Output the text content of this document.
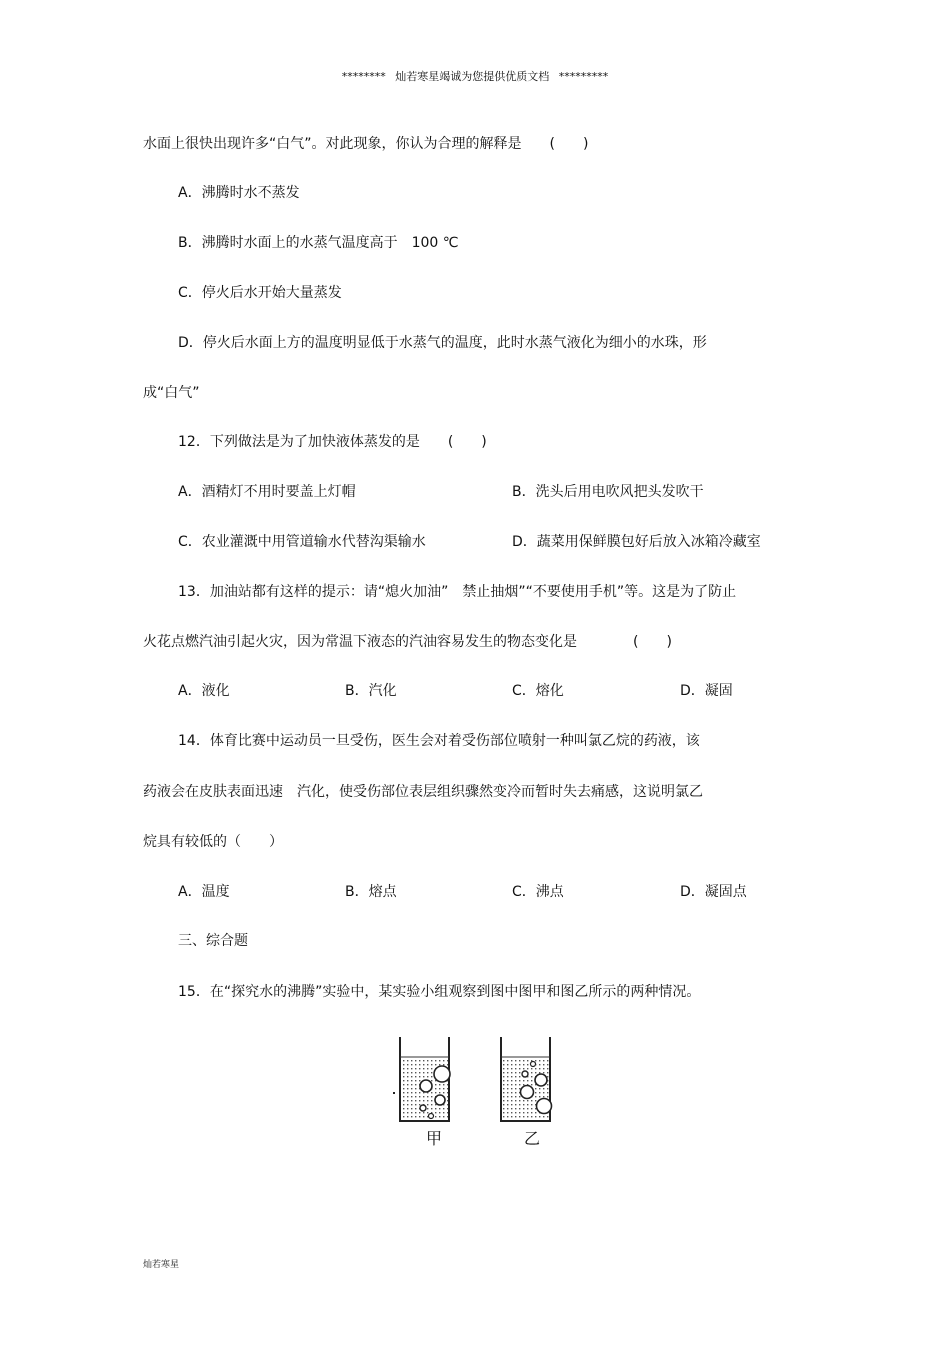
******** 灿若寒星竭诚为您提供优质文档 *********
水面上很快出现许多“白气”。对此现象，你认为合理的解释是　　(　　)
A．沸腾时水不蒸发
B．沸腾时水面上的水蒸气温度高于　100 ℃
C．停火后水开始大量蒸发
D．停火后水面上方的温度明显低于水蒸气的温度，此时水蒸气液化为细小的水珠，形
成“白气”
12．下列做法是为了加快液体蒸发的是　　(　　)
A．酒精灯不用时要盖上灯帽	B．洗头后用电吹风把头发吹干
C．农业灌溉中用管道输水代替沟渠输水	D．蔬菜用保鲜膜包好后放入冰箱冷藏室
13．加油站都有这样的提示：请“熄火加油”　禁止抽烟”“不要使用手机”等。这是为了防止
火花点燃汽油引起火灾，因为常温下液态的汽油容易发生的物态变化是　　　　(　　)
A．液化	B．汽化	C．熔化	D．凝固
14．体育比赛中运动员一旦受伤，医生会对着受伤部位喷射一种叫氯乙烷的药液，该
药液会在皮肤表面迅速　汽化，使受伤部位表层组织骤然变冷而暂时失去痛感，这说明氯乙
烷具有较低的（　　）
A．温度	B．熔点	C．沸点	D．凝固点
三、综合题
15．在“探究水的沸腾”实验中，某实验小组观察到图中图甲和图乙所示的两种情况。
甲	乙
灿若寒星
